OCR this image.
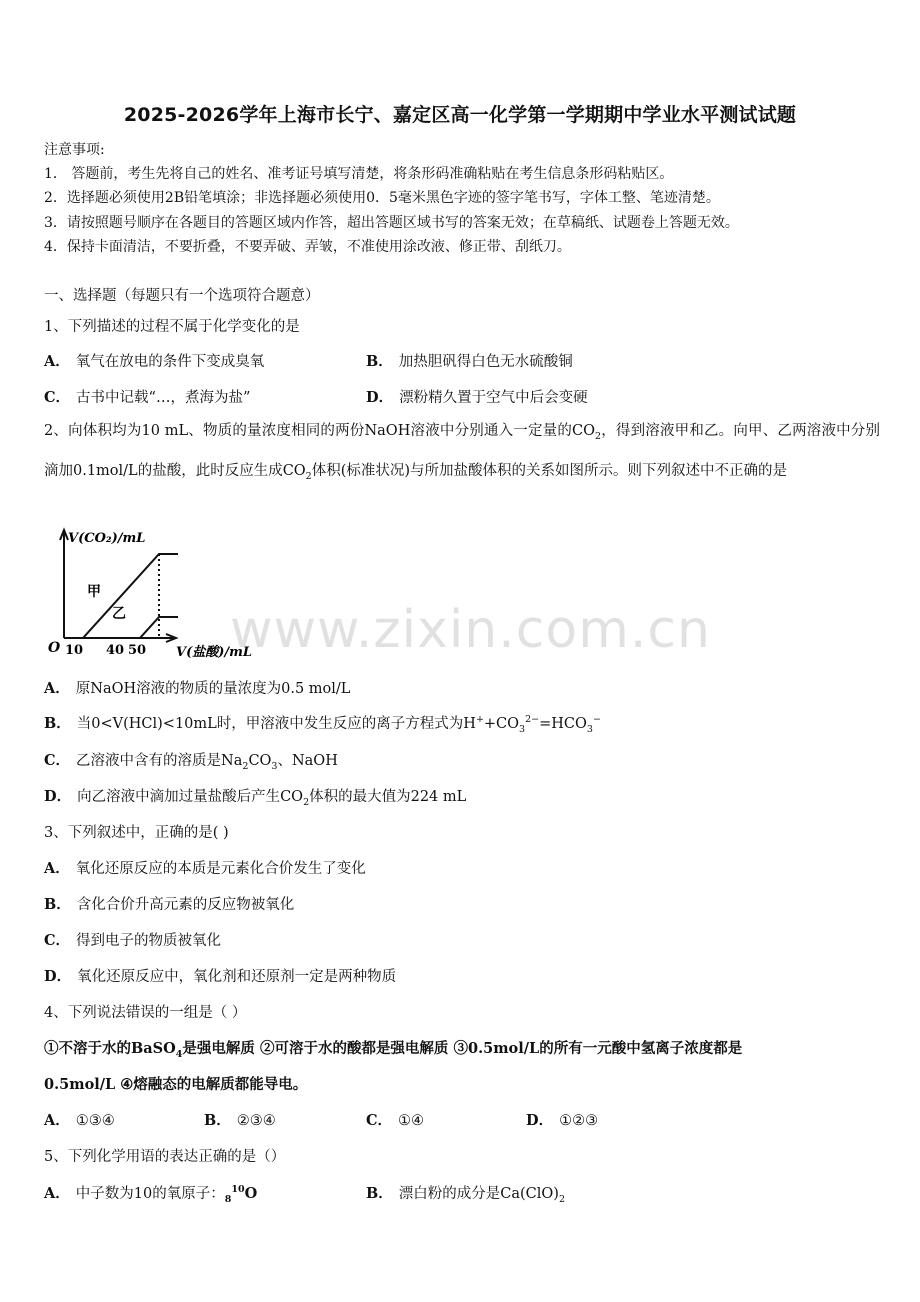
2025-2026学年上海市长宁、嘉定区高一化学第一学期期中学业水平测试试题
注意事项:
1． 答题前，考生先将自己的姓名、准考证号填写清楚，将条形码准确粘贴在考生信息条形码粘贴区。
2．选择题必须使用2B铅笔填涂；非选择题必须使用0．5毫米黑色字迹的签字笔书写，字体工整、笔迹清楚。
3．请按照题号顺序在各题目的答题区域内作答，超出答题区域书写的答案无效；在草稿纸、试题卷上答题无效。
4．保持卡面清洁，不要折叠，不要弄破、弄皱，不准使用涂改液、修正带、刮纸刀。
一、选择题（每题只有一个选项符合题意）
1、下列描述的过程不属于化学变化的是
A． 氧气在放电的条件下变成臭氧	B． 加热胆矾得白色无水硫酸铜
C． 古书中记载“…，煮海为盐”	D． 漂粉精久置于空气中后会变硬
2、向体积均为10 mL、物质的量浓度相同的两份NaOH溶液中分别通入一定量的$CO_2$，得到溶液甲和乙。向甲、乙两溶液中分别滴加0.1mol/L的盐酸，此时反应生成$CO_2$体积(标准状况)与所加盐酸体积的关系如图所示。则下列叙述中不正确的是
V(CO₂)/mL
V(盐酸)/mL
O 10 40 50
甲
乙
A． 原NaOH溶液的物质的量浓度为0.5 mol/L
B． 当0<V(HCl)<10mL时，甲溶液中发生反应的离子方程式为$H^++CO_3^{2-}=HCO_3^-$
C． 乙溶液中含有的溶质是$Na_2CO_3$、NaOH
D． 向乙溶液中滴加过量盐酸后产生$CO_2$体积的最大值为224 mL
3、下列叙述中，正确的是( )
A． 氧化还原反应的本质是元素化合价发生了变化
B． 含化合价升高元素的反应物被氧化
C． 得到电子的物质被氧化
D． 氧化还原反应中，氧化剂和还原剂一定是两种物质
4、下列说法错误的一组是（ ）
①不溶于水的BaSO$_4$是强电解质 ②可溶于水的酸都是强电解质 ③0.5mol/L的所有一元酸中氢离子浓度都是
0.5mol/L ④熔融态的电解质都能导电。
A． ①③④	B． ②③④	C． ①④	D． ①②③
5、下列化学用语的表达正确的是（）
A． 中子数为10的氧原子：$_8^{10}$O	B． 漂白粉的成分是$Ca(ClO)_2$
www.zixin.com.cn
